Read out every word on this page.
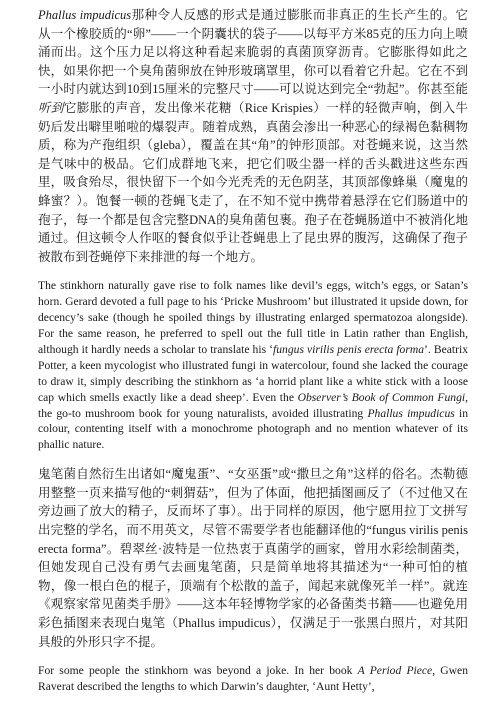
Phallus impudicus那种令人反感的形式是通过膨胀而非真正的生长产生的。它从一个橡胶质的“卵”——一个阴囊状的袋子——以每平方米85克的压力向上喷涌而出。这个压力足以将这种看起来脆弱的真菌顶穿沥青。它膨胀得如此之快，如果你把一个臭角菌卵放在钟形玻璃罩里，你可以看着它升起。它在不到一小时内就达到10到15厘米的完整尺寸——可以说达到完全“勃起”。你甚至能听到它膨胀的声音，发出像米花糖（Rice Krispies）一样的轻微声响，倒入牛奶后发出噼里啪啦的爆裂声。随着成熟，真菌会渗出一种恶心的绿褐色黏稠物质，称为产孢组织（gleba），覆盖在其“角”的钟形顶部。对苍蝇来说，这当然是气味中的极品。它们成群地飞来，把它们吸尘器一样的舌头戳进这些东西里，吸食殆尽，很快留下一个如今光秃秃的无色阴茎，其顶部像蜂巢（魔鬼的蜂蜜？）。饱餐一顿的苍蝇飞走了，在不知不觉中携带着悬浮在它们肠道中的孢子，每一个都是包含完整DNA的臭角菌包裹。孢子在苍蝇肠道中不被消化地通过。但这顿令人作呕的餐食似乎让苍蝇患上了昆虫界的腹泻，这确保了孢子被散布到苍蝇停下来排泄的每一个地方。

The stinkhorn naturally gave rise to folk names like devil’s eggs, witch’s eggs, or Satan’s horn. Gerard devoted a full page to his ‘Pricke Mushroom’ but illustrated it upside down, for decency’s sake (though he spoiled things by illustrating enlarged spermatozoa alongside). For the same reason, he preferred to spell out the full title in Latin rather than English, although it hardly needs a scholar to translate his ‘fungus virilis penis erecta forma’. Beatrix Potter, a keen mycologist who illustrated fungi in watercolour, found she lacked the courage to draw it, simply describing the stinkhorn as ‘a horrid plant like a white stick with a loose cap which smells exactly like a dead sheep’. Even the Observer’s Book of Common Fungi, the go-to mushroom book for young naturalists, avoided illustrating Phallus impudicus in colour, contenting itself with a monochrome photograph and no mention whatever of its phallic nature.

鬼笔菌自然衍生出诸如“魔鬼蛋”、“女巫蛋”或“撒旦之角”这样的俗名。杰勒德用整整一页来描写他的“刺猬菇”，但为了体面，他把插图画反了（不过他又在旁边画了放大的精子，反而坏了事）。出于同样的原因，他宁愿用拉丁文拼写出完整的学名，而不用英文，尽管不需要学者也能翻译他的“fungus virilis penis erecta forma”。碧翠丝·波特是一位热衷于真菌学的画家，曾用水彩绘制菌类，但她发现自己没有勇气去画鬼笔菌，只是简单地将其描述为“一种可怕的植物，像一根白色的棍子，顶端有个松散的盖子，闻起来就像死羊一样”。就连《观察家常见菌类手册》——这本年轻博物学家的必备菌类书籍——也避免用彩色插图来表现白鬼笔（Phallus impudicus），仅满足于一张黑白照片，对其阳具般的外形只字不提。

For some people the stinkhorn was beyond a joke. In her book A Period Piece, Gwen Raverat described the lengths to which Darwin’s daughter, ‘Aunt Hetty’,
